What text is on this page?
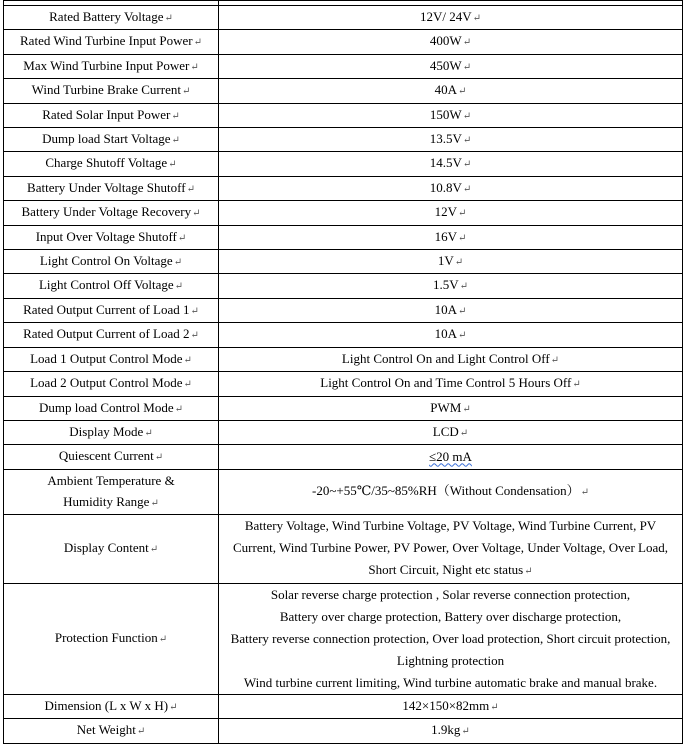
Rated Battery Voltage↵	12V/ 24V↵
Rated Wind Turbine Input Power↵	400W↵
Max Wind Turbine Input Power↵	450W↵
Wind Turbine Brake Current↵	40A↵
Rated Solar Input Power↵	150W↵
Dump load Start Voltage↵	13.5V↵
Charge Shutoff Voltage↵	14.5V↵
Battery Under Voltage Shutoff↵	10.8V↵
Battery Under Voltage Recovery↵	12V↵
Input Over Voltage Shutoff↵	16V↵
Light Control On Voltage↵	1V↵
Light Control Off Voltage↵	1.5V↵
Rated Output Current of Load 1↵	10A↵
Rated Output Current of Load 2↵	10A↵
Load 1 Output Control Mode↵	Light Control On and Light Control Off↵
Load 2 Output Control Mode↵	Light Control On and Time Control 5 Hours Off↵
Dump load Control Mode↵	PWM↵
Display Mode↵	LCD↵
Quiescent Current↵	≤20 mA

Ambient Temperature &
Humidity Range↵	-20~+55℃/35~85%RH（Without Condensation）↵
Display Content↵	Battery Voltage, Wind Turbine Voltage, PV Voltage, Wind Turbine Current, PV Current, Wind Turbine Power, PV Power, Over Voltage, Under Voltage, Over Load, Short Circuit, Night etc status↵
Protection Function↵	Solar reverse charge protection , Solar reverse connection protection,
Battery over charge protection, Battery over discharge protection,
Battery reverse connection protection, Over load protection, Short circuit protection, Lightning protection
Wind turbine current limiting, Wind turbine automatic brake and manual brake.

Dimension (L x W x H)↵	142×150×82mm↵
Net Weight↵	1.9kg↵
